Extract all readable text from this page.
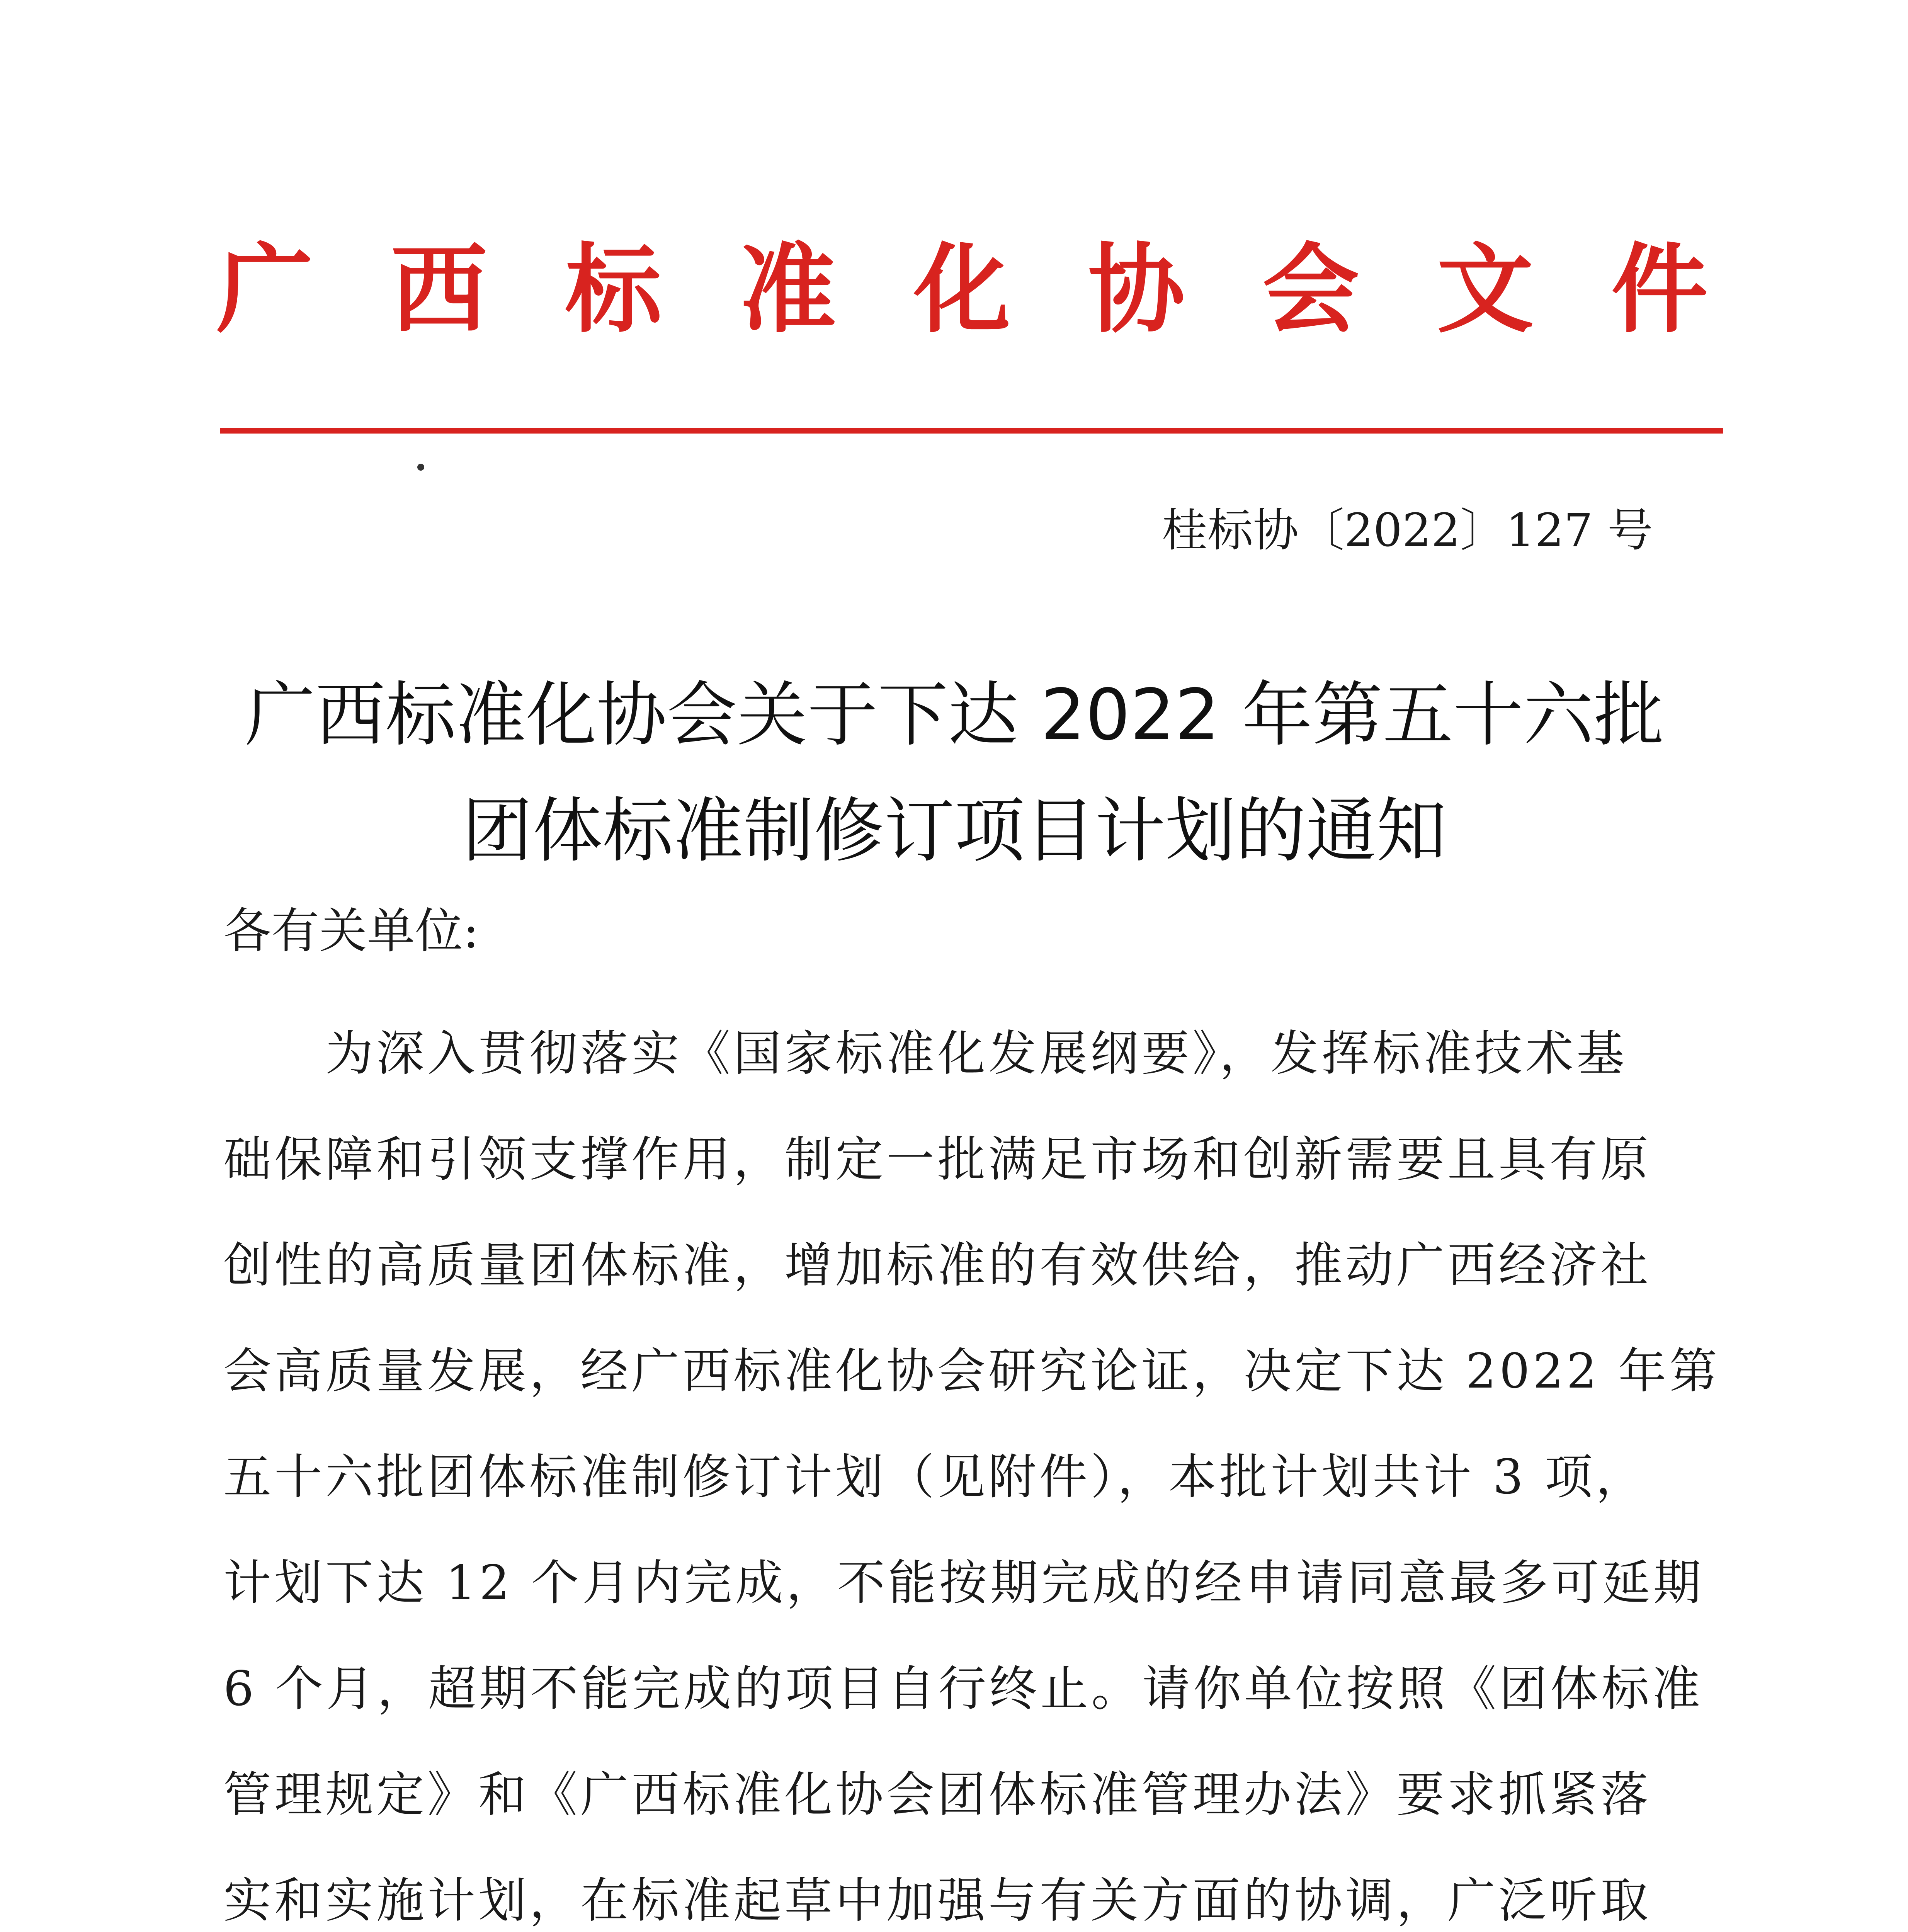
广 西 标 准 化 协 会 文 件
桂标协〔2022〕127 号
广西标准化协会关于下达 2022 年第五十六批
团体标准制修订项目计划的通知
各有关单位:
　　为深入贯彻落实《国家标准化发展纲要》，发挥标准技术基
础保障和引领支撑作用，制定一批满足市场和创新需要且具有原
创性的高质量团体标准，增加标准的有效供给，推动广西经济社
会高质量发展，经广西标准化协会研究论证，决定下达 2022 年第
五十六批团体标准制修订计划（见附件），本批计划共计 3 项，
计划下达 12 个月内完成，不能按期完成的经申请同意最多可延期
6 个月，超期不能完成的项目自行终止。请你单位按照《团体标准
管理规定》和《广西标准化协会团体标准管理办法》要求抓紧落
实和实施计划，在标准起草中加强与有关方面的协调，广泛听取
